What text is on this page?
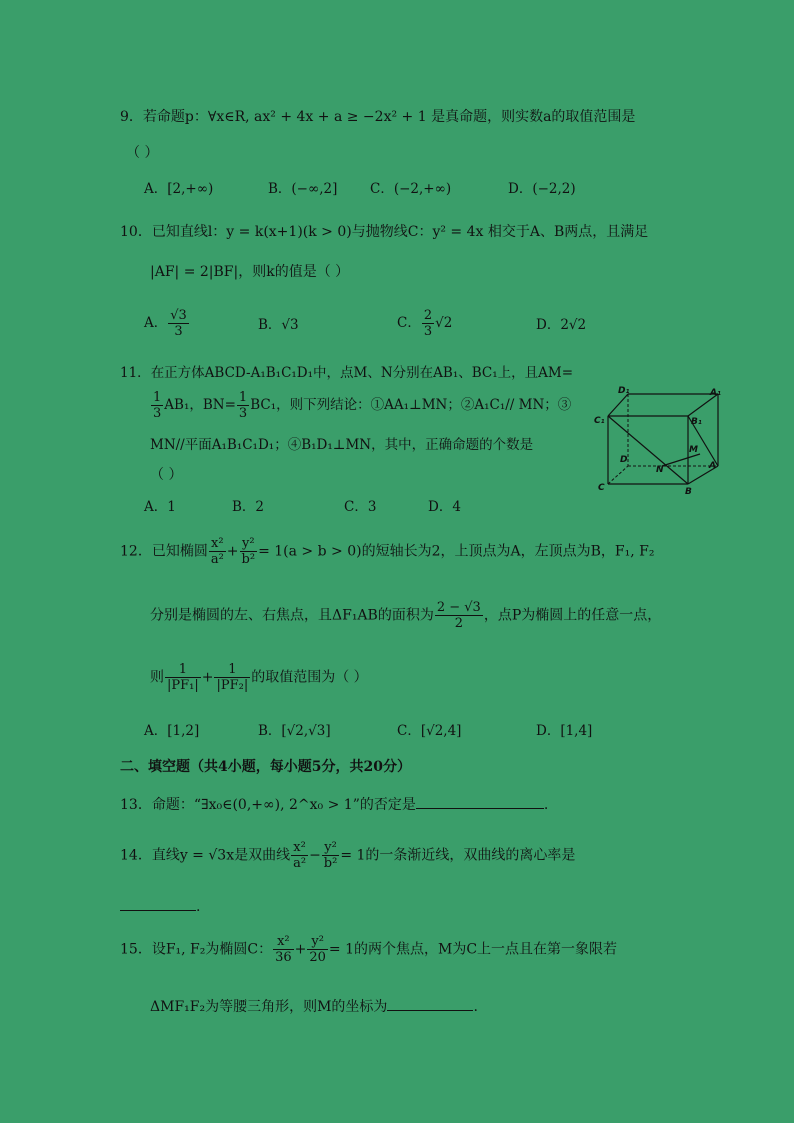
9．若命题p：∀x∈R, ax² + 4x + a ≥ −2x² + 1 是真命题，则实数a的取值范围是
（ ）
A．[2,+∞)	B．(−∞,2] C．(−2,+∞)	D．(−2,2)
10．已知直线l：y = k(x+1)(k > 0)与抛物线C：y² = 4x 相交于A、B两点，且满足
|AF| = 2|BF|，则k的值是（ ）
A． $\frac{√3}{3}$	B．√3	C． $\frac{2}{3} √2$	D．2√2
11．在正方体ABCD-A₁B₁C₁D₁中，点M、N分别在AB₁、BC₁上，且AM=
$\frac{1}{3} AB_1$，$BN= \frac{1}{3} BC_1$，则下列结论：①AA₁⊥MN；②A₁C₁// MN；③
MN//平面A₁B₁C₁D₁；④B₁D₁⊥MN，其中，正确命题的个数是
（ ）
A．1	B．2	C．3	D．4
D₁	A₁
C₁	B₁
D
M
N	A
C	B
12．已知椭圆 $\frac{\text{x²}}{\text{a²}} + \frac{\text{y²}}{\text{b²}} = 1(a > b > 0)$的短轴长为2，上顶点为A，左顶点为B，F₁, F₂
分别是椭圆的左、右焦点，且ΔF₁AB的面积为 $\frac{2 - √3}{2}$ ，点P为椭圆上的任意一点，
则 $\frac{1}{\text{|PF₁|}} + \frac{1}{\text{|PF₂|}}$ 的取值范围为（ ）
A．[1,2]	B．[√2,√3]	C．[√2,4]	D．[1,4]
二、填空题（共4小题，每小题5分，共20分）
13．命题：“∃x₀∈(0,+∞), 2^x₀ > 1”的否定是	.
14．直线y = √3x是双曲线 $\frac{\text{x²}}{\text{a²}} - \frac{\text{y²}}{\text{b²}} = 1$的一条渐近线，双曲线的离心率是
.
15．设F₁, F₂为椭圆C： $\frac{\text{x²}}{36} + \frac{\text{y²}}{20} = 1$的两个焦点，M为C上一点且在第一象限若
ΔMF₁F₂为等腰三角形，则M的坐标为	.
